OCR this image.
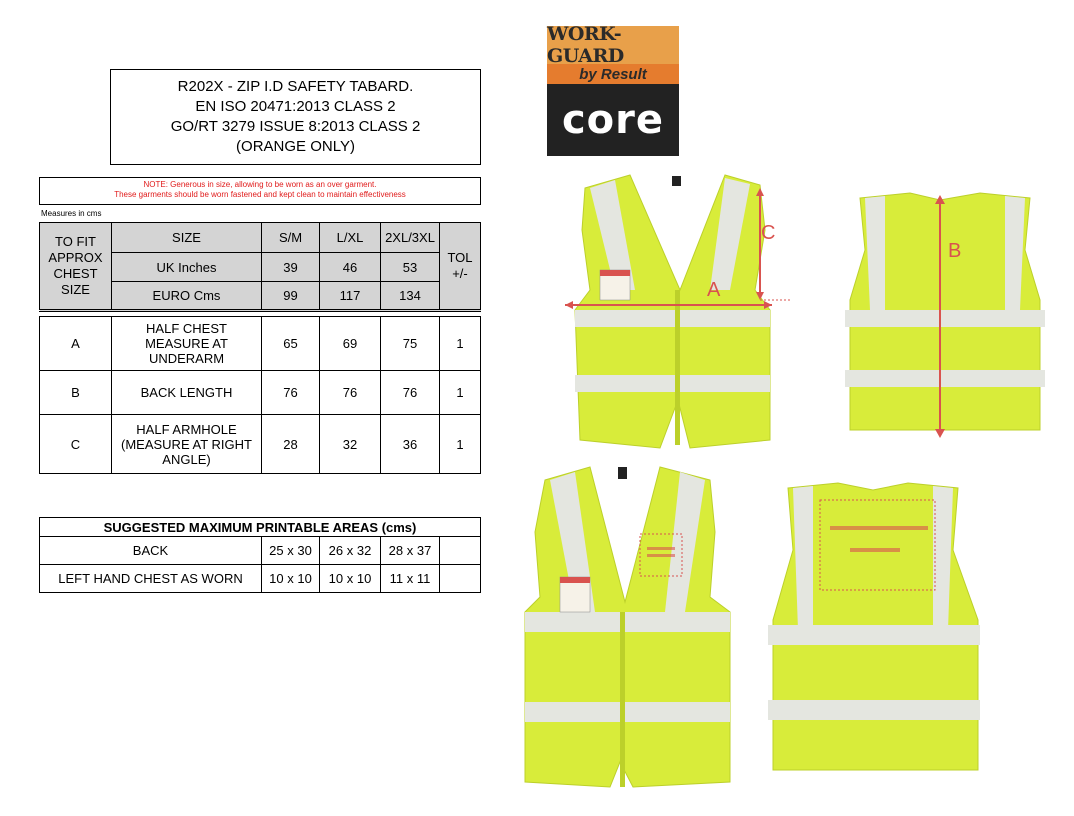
R202X - ZIP I.D SAFETY TABARD.
EN ISO 20471:2013 CLASS 2
GO/RT 3279 ISSUE 8:2013 CLASS 2
(ORANGE ONLY)
NOTE: Generous in size, allowing to be worn as an over garment.
These garments should be worn fastened and kept clean to maintain effectiveness
Measures in cms
TO FIT APPROX CHEST SIZE	SIZE	S/M	L/XL	2XL/3XL	TOL +/-
	UK Inches	39	46	53	
	EURO Cms	99	117	134	

A	HALF CHEST MEASURE AT UNDERARM	65	69	75	1
B	BACK LENGTH	76	76	76	1
C	HALF ARMHOLE (MEASURE AT RIGHT ANGLE)	28	32	36	1
SUGGESTED MAXIMUM PRINTABLE AREAS (cms)				
BACK	25 x 30	26 x 32	28 x 37	
LEFT HAND CHEST AS WORN	10 x 10	10 x 10	11 x 11	
WORK-GUARD
by Result
core
A
C
B
